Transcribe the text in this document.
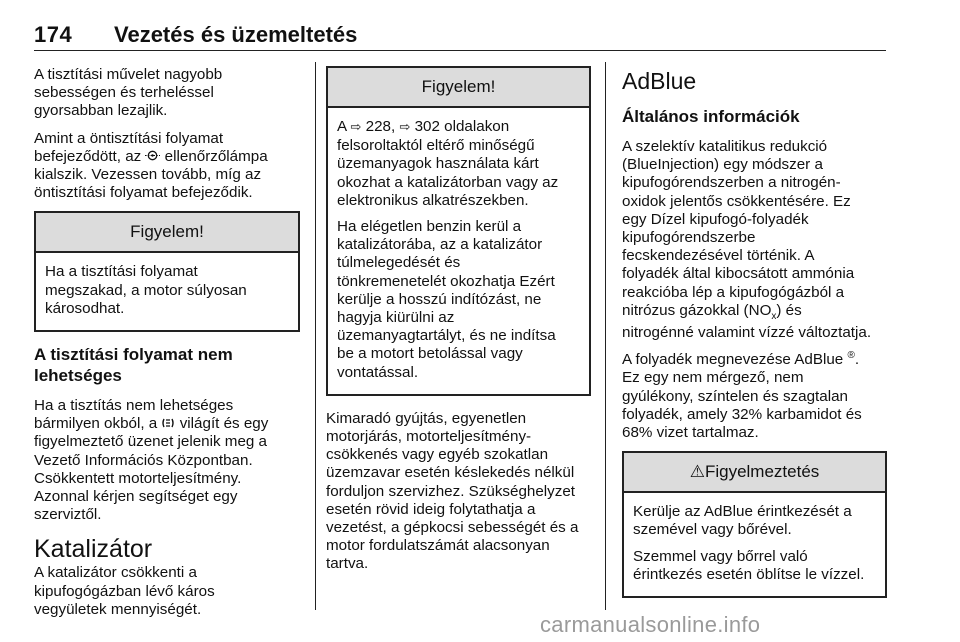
174 Vezetés és üzemeltetés

A tisztítási művelet nagyobb
sebességen és terheléssel
gyorsabban lezajlik.

Amint a öntisztítási folyamat
befejeződött, az  ellenőrzőlámpa
kialszik. Vezessen tovább, míg az
öntisztítási folyamat befejeződik.

Figyelem!

Ha a tisztítási folyamat
megszakad, a motor súlyosan
károsodhat.

A tisztítási folyamat nem
lehetséges

Ha a tisztítás nem lehetséges
bármilyen okból, a  világít és egy
figyelmeztető üzenet jelenik meg a
Vezető Információs Központban.
Csökkentett motorteljesítmény.
Azonnal kérjen segítséget egy
szerviztől.

Katalizátor

A katalizátor csökkenti a
kipufogógázban lévő káros
vegyületek mennyiségét.

Figyelem!

A ⇨ 228, ⇨ 302 oldalakon
felsoroltaktól eltérő minőségű
üzemanyagok használata kárt
okozhat a katalizátorban vagy az
elektronikus alkatrészekben.

Ha elégetlen benzin kerül a
katalizátorába, az a katalizátor
túlmelegedését és
tönkremenetelét okozhatja Ezért
kerülje a hosszú indítózást, ne
hagyja kiürülni az
üzemanyagtartályt, és ne indítsa
be a motort betolással vagy
vontatással.

Kimaradó gyújtás, egyenetlen
motorjárás, motorteljesítmény-
csökkenés vagy egyéb szokatlan
üzemzavar esetén késlekedés nélkül
forduljon szervizhez. Szükséghelyzet
esetén rövid ideig folytathatja a
vezetést, a gépkocsi sebességét és a
motor fordulatszámát alacsonyan
tartva.

AdBlue
Általános információk

A szelektív katalitikus redukció
(BlueInjection) egy módszer a
kipufogórendszerben a nitrogén-
oxidok jelentős csökkentésére. Ez
egy Dízel kipufogó-folyadék
kipufogórendszerbe
fecskendezésével történik. A
folyadék által kibocsátott ammónia
reakcióba lép a kipufogógázból a
nitrózus gázokkal $(NO_x)$ és

nitrogénné valamint vízzé változtatja.

A folyadék megnevezése AdBlue ®.
Ez egy nem mérgező, nem
gyúlékony, színtelen és szagtalan
folyadék, amely 32% karbamidot és
68% vizet tartalmaz.

⚠Figyelmeztetés

Kerülje az AdBlue érintkezését a
szemével vagy bőrével.

Szemmel vagy bőrrel való
érintkezés esetén öblítse le vízzel.

carmanualsonline.info
